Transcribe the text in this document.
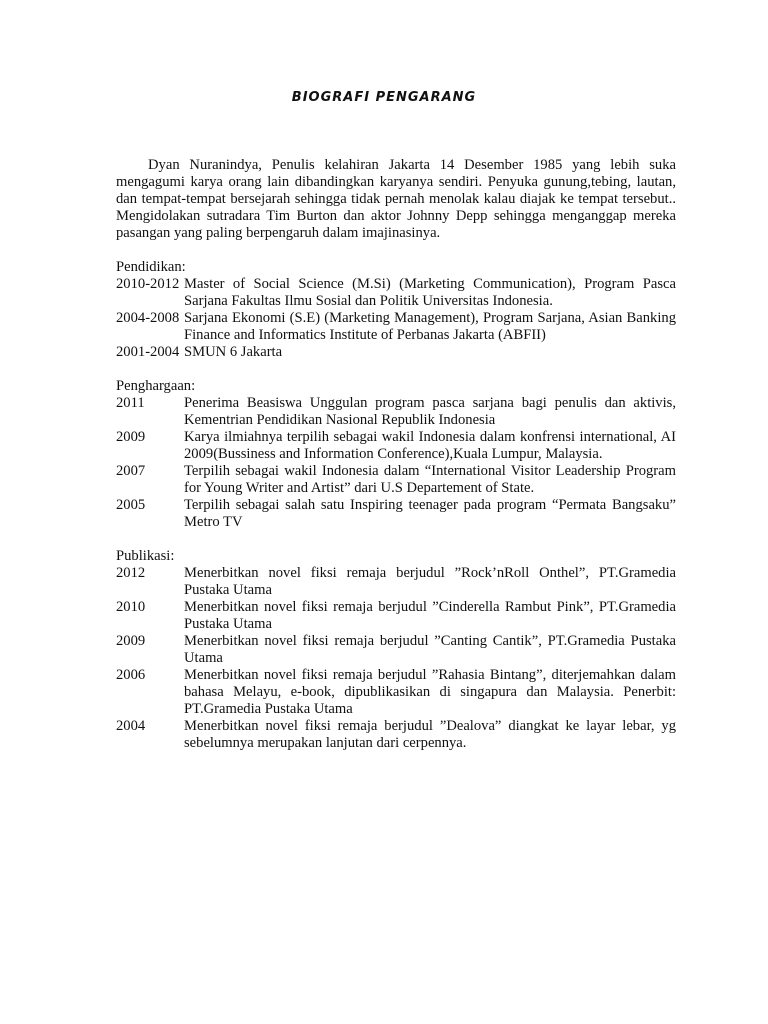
BIOGRAFI PENGARANG

Dyan Nuranindya, Penulis kelahiran Jakarta 14 Desember 1985 yang lebih suka mengagumi karya orang lain dibandingkan karyanya sendiri. Penyuka gunung,tebing, lautan, dan tempat-tempat bersejarah sehingga tidak pernah menolak kalau diajak ke tempat tersebut.. Mengidolakan sutradara Tim Burton dan aktor Johnny Depp sehingga menganggap mereka pasangan yang paling berpengaruh dalam imajinasinya.

Pendidikan:

2010-2012 Master of Social Science (M.Si) (Marketing Communication), Program Pasca Sarjana Fakultas Ilmu Sosial dan Politik Universitas Indonesia.
2004-2008 Sarjana Ekonomi (S.E) (Marketing Management), Program Sarjana, Asian Banking Finance and Informatics Institute of Perbanas Jakarta (ABFII)
2001-2004 SMUN 6 Jakarta

Penghargaan:

2011	Penerima Beasiswa Unggulan program pasca sarjana bagi penulis dan aktivis, Kementrian Pendidikan Nasional Republik Indonesia
2009	Karya ilmiahnya terpilih sebagai wakil Indonesia dalam konfrensi international, AI 2009(Bussiness and Information Conference),Kuala Lumpur, Malaysia.
2007	Terpilih sebagai wakil Indonesia dalam “International Visitor Leadership Program for Young Writer and Artist” dari U.S Departement of State.
2005	Terpilih sebagai salah satu Inspiring teenager pada program “Permata Bangsaku” Metro TV

Publikasi:

2012	Menerbitkan novel fiksi remaja berjudul ”Rock’nRoll Onthel”, PT.Gramedia Pustaka Utama
2010	Menerbitkan novel fiksi remaja berjudul ”Cinderella Rambut Pink”, PT.Gramedia Pustaka Utama
2009	Menerbitkan novel fiksi remaja berjudul ”Canting Cantik”, PT.Gramedia Pustaka Utama
2006	Menerbitkan novel fiksi remaja berjudul ”Rahasia Bintang”, diterjemahkan dalam bahasa Melayu, e-book, dipublikasikan di singapura dan Malaysia. Penerbit: PT.Gramedia Pustaka Utama
2004	Menerbitkan novel fiksi remaja berjudul ”Dealova” diangkat ke layar lebar, yg sebelumnya merupakan lanjutan dari cerpennya.
